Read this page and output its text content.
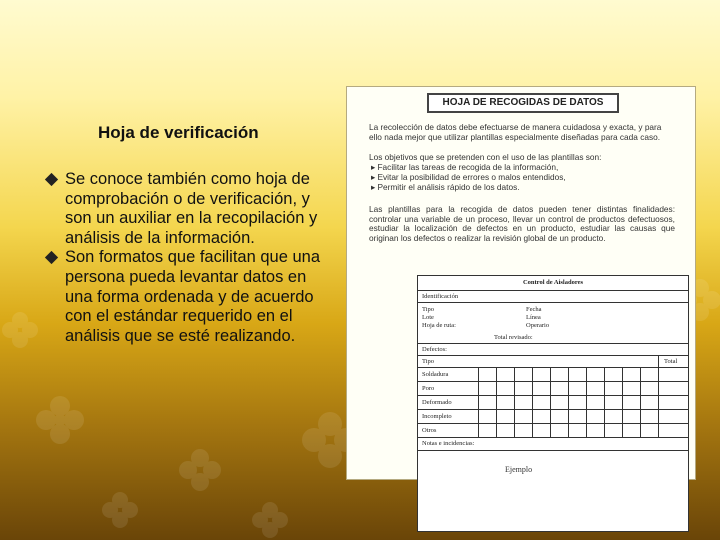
Hoja de verificación
Se conoce también como hoja de comprobación o de verificación, y son un auxiliar en la recopilación y análisis de la información.
Son formatos que facilitan que una persona pueda levantar datos en una forma ordenada y de acuerdo con el estándar requerido en el análisis que se esté realizando.
HOJA DE RECOGIDAS DE DATOS
La recolección de datos debe efectuarse de manera cuidadosa y exacta, y para ello nada mejor que utilizar plantillas especialmente diseñadas para cada caso.
Los objetivos que se pretenden con el uso de las plantillas son:
▸ Facilitar las tareas de recogida de la información,
▸ Evitar la posibilidad de errores o malos entendidos,
▸ Permitir el análisis rápido de los datos.
Las plantillas para la recogida de datos pueden tener distintas finalidades: controlar una variable de un proceso, llevar un control de productos defectuosos, estudiar la localización de defectos en un producto, estudiar las causas que originan los defectos o realizar la revisión global de un producto.
Control de Aisladores
Identificación
Tipo
Lote
Hoja de ruta:
Fecha
Línea
Operario
Total revisado:
Defectos:
Tipo	Total
Soldadura
Poro
Deformado
Incompleto
Otros
Notas e incidencias:
Ejemplo
